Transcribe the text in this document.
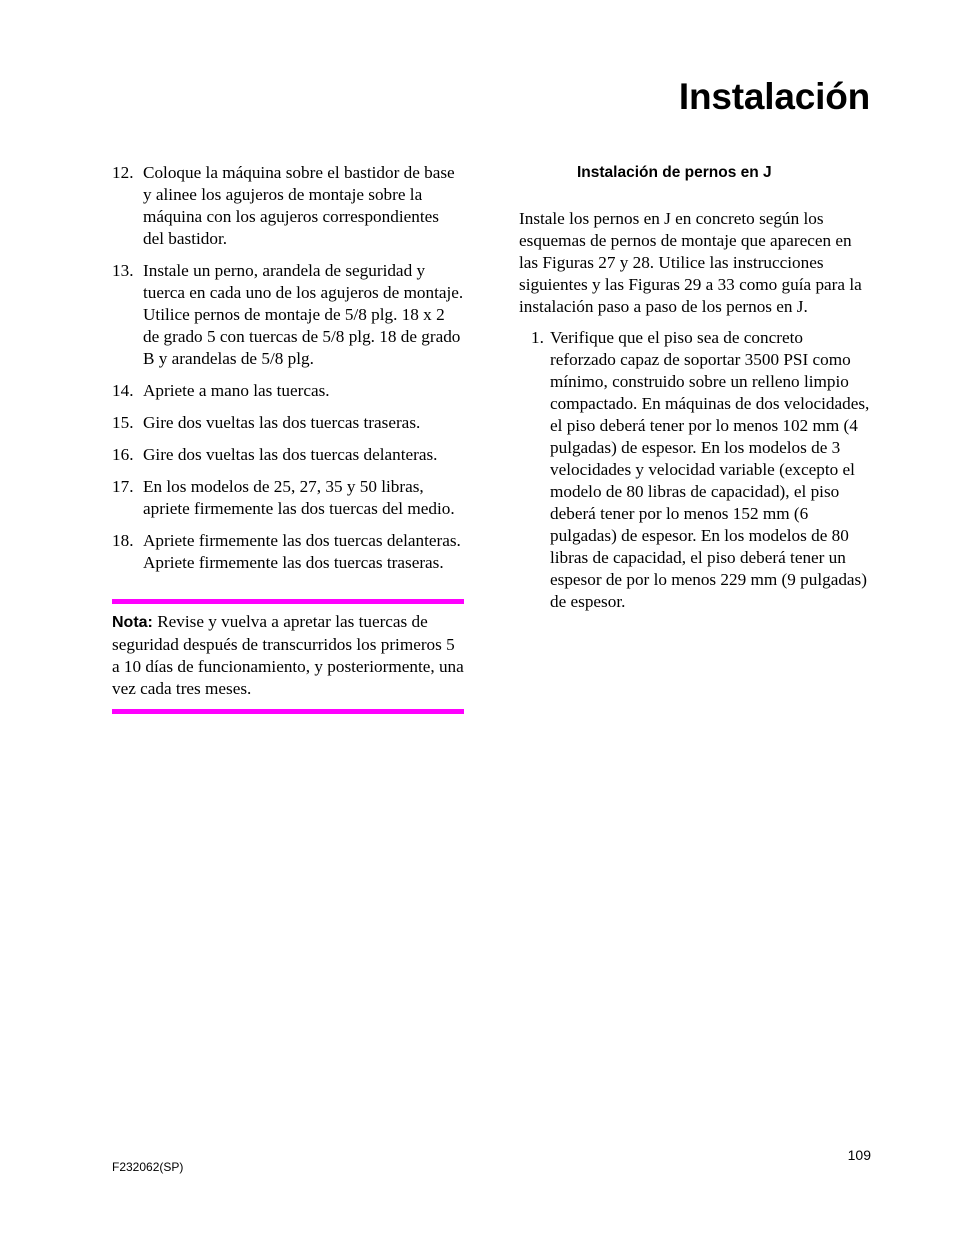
Instalación
12. Coloque la máquina sobre el bastidor de base y alinee los agujeros de montaje sobre la máquina con los agujeros correspondientes del bastidor.
13. Instale un perno, arandela de seguridad y tuerca en cada uno de los agujeros de montaje. Utilice pernos de montaje de 5/8 plg. 18 x 2 de grado 5 con tuercas de 5/8 plg. 18 de grado B y arandelas de 5/8 plg.
14. Apriete a mano las tuercas.
15. Gire dos vueltas las dos tuercas traseras.
16. Gire dos vueltas las dos tuercas delanteras.
17. En los modelos de 25, 27, 35 y 50 libras, apriete firmemente las dos tuercas del medio.
18. Apriete firmemente las dos tuercas delanteras. Apriete firmemente las dos tuercas traseras.
Nota: Revise y vuelva a apretar las tuercas de seguridad después de transcurridos los primeros 5 a 10 días de funcionamiento, y posteriormente, una vez cada tres meses.
Instalación de pernos en J

Instale los pernos en J en concreto según los esquemas de pernos de montaje que aparecen en las Figuras 27 y 28. Utilice las instrucciones siguientes y las Figuras 29 a 33 como guía para la instalación paso a paso de los pernos en J.

1. Verifique que el piso sea de concreto reforzado capaz de soportar 3500 PSI como mínimo, construido sobre un relleno limpio compactado. En máquinas de dos velocidades, el piso deberá tener por lo menos 102 mm (4 pulgadas) de espesor. En los modelos de 3 velocidades y velocidad variable (excepto el modelo de 80 libras de capacidad), el piso deberá tener por lo menos 152 mm (6 pulgadas) de espesor. En los modelos de 80 libras de capacidad, el piso deberá tener un espesor de por lo menos 229 mm (9 pulgadas) de espesor.
109
F232062(SP)
